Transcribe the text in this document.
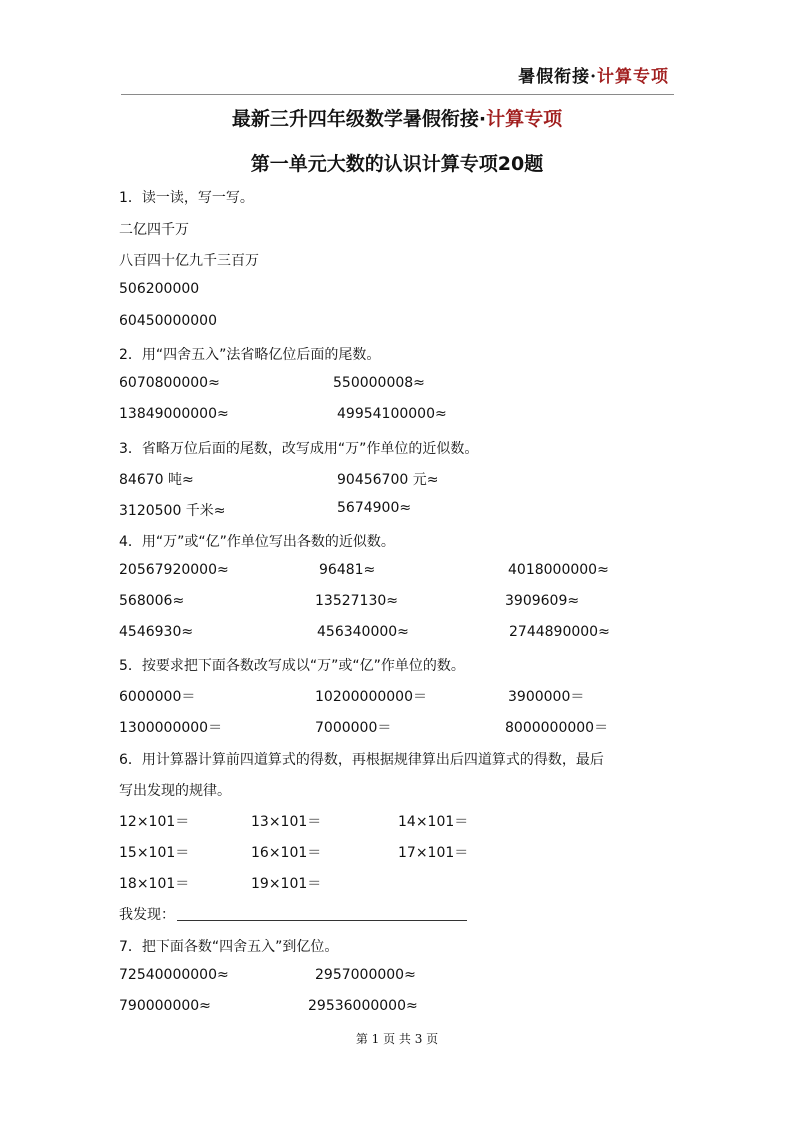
暑假衔接·计算专项
最新三升四年级数学暑假衔接·计算专项
第一单元大数的认识计算专项20题
1．读一读，写一写。
二亿四千万
八百四十亿九千三百万
506200000
60450000000
2．用“四舍五入”法省略亿位后面的尾数。
6070800000≈	550000008≈
13849000000≈	49954100000≈
3．省略万位后面的尾数，改写成用“万”作单位的近似数。
84670 吨≈	90456700 元≈
3120500 千米≈	5674900≈
4．用“万”或“亿”作单位写出各数的近似数。
20567920000≈	96481≈	4018000000≈
568006≈	13527130≈	3909609≈
4546930≈	456340000≈	2744890000≈
5．按要求把下面各数改写成以“万”或“亿”作单位的数。
6000000＝	10200000000＝	3900000＝
1300000000＝	7000000＝	8000000000＝
6．用计算器计算前四道算式的得数，再根据规律算出后四道算式的得数，最后
写出发现的规律。
12×101＝	13×101＝	14×101＝
15×101＝	16×101＝	17×101＝
18×101＝	19×101＝
我发现：
7．把下面各数“四舍五入”到亿位。
72540000000≈	2957000000≈
790000000≈	29536000000≈
第 1 页 共 3 页
